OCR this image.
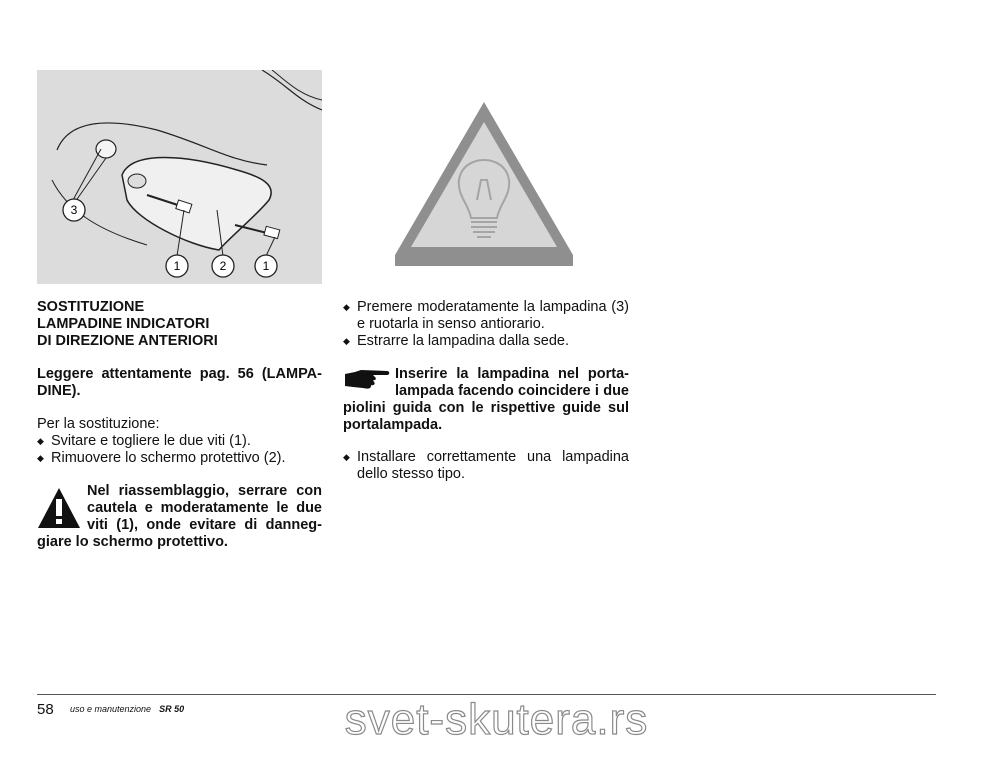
3
1	2	1
SOSTITUZIONE
LAMPADINE INDICATORI
DI DIREZIONE ANTERIORI
Leggere attentamente pag. 56 (LAMPA-DINE).
Per la sostituzione:
◆ Svitare e togliere le due viti (1).
◆ Rimuovere lo schermo protettivo (2).
Nel riassemblaggio, serrare con cautela e moderatamente le due viti (1), onde evitare di danneg-giare lo schermo protettivo.
◆ Premere moderatamente la lampadina (3) e ruotarla in senso antiorario.
◆ Estrarre la lampadina dalla sede.
Inserire la lampadina nel porta-lampada facendo coincidere i due piolini guida con le rispettive guide sul portalampada.
◆ Installare correttamente una lampadina dello stesso tipo.
58 uso e manutenzione SR 50	svet-skutera.rs
